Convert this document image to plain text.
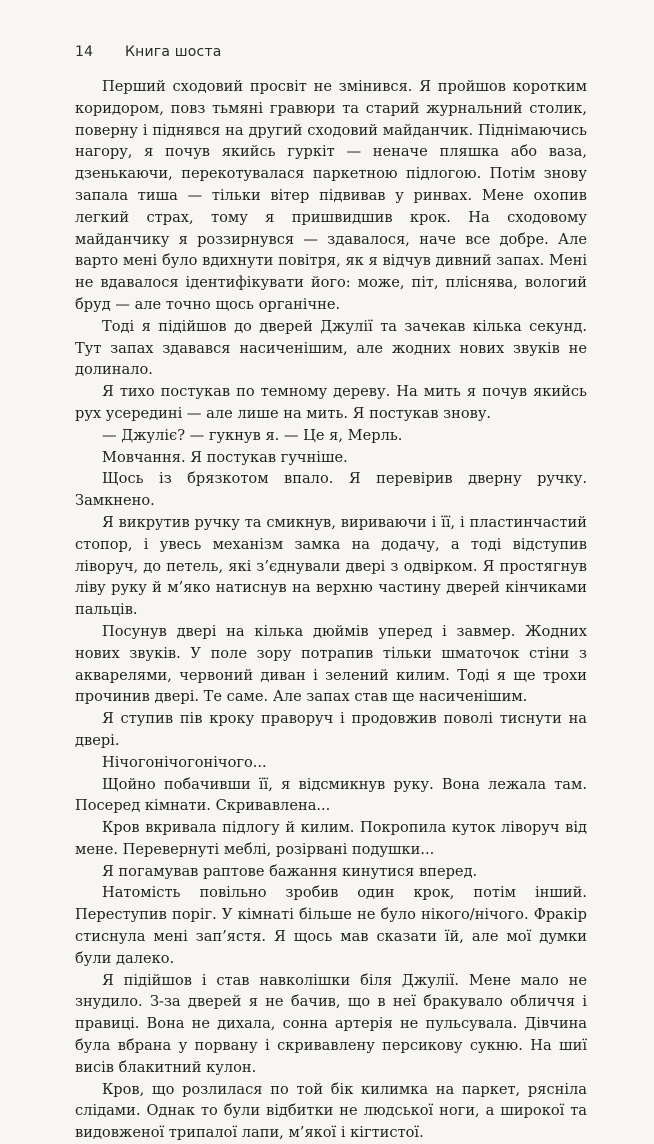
14 Книга шоста

Перший сходовий просвіт не змінився. Я пройшов коротким коридором, повз тьмяні гравюри та старий журнальний столик, поверну і піднявся на другий сходовий майданчик. Піднімаючись нагору, я почув якийсь гуркіт — неначе пляшка або ваза, дзенькаючи, перекотувалася паркетною підлогою. Потім знову запала тиша — тільки вітер підвивав у ринвах. Мене охопив легкий страх, тому я пришвидшив крок. На сходовому майданчику я роззирнувся — здавалося, наче все добре. Але варто мені було вдихнути повітря, як я відчув дивний запах. Мені не вдавалося ідентифікувати його: може, піт, пліснява, вологий бруд — але точно щось органічне.

Тоді я підійшов до дверей Джулії та зачекав кілька секунд. Тут запах здавався насиченішим, але жодних нових звуків не долинало.

Я тихо постукав по темному дереву. На мить я почув якийсь рух усередині — але лише на мить. Я постукав знову.

— Джуліє? — гукнув я. — Це я, Мерль.

Мовчання. Я постукав гучніше.

Щось із брязкотом впало. Я перевірив дверну ручку. Замкнено.

Я викрутив ручку та смикнув, вириваючи і її, і пластинчастий стопор, і увесь механізм замка на додачу, а тоді відступив ліворуч, до петель, які з’єднували двері з одвірком. Я простягнув ліву руку й м’яко натиснув на верхню частину дверей кінчиками пальців.

Посунув двері на кілька дюймів уперед і завмер. Жодних нових звуків. У поле зору потрапив тільки шматочок стіни з акварелями, червоний диван і зелений килим. Тоді я ще трохи прочинив двері. Те саме. Але запах став ще насиченішим.

Я ступив пів кроку праворуч і продовжив поволі тиснути на двері.

Нічогонічогонічого...

Щойно побачивши її, я відсмикнув руку. Вона лежала там. Посеред кімнати. Скривавлена...

Кров вкривала підлогу й килим. Покропила куток ліворуч від мене. Перевернуті меблі, розірвані подушки...

Я погамував раптове бажання кинутися вперед.

Натомість повільно зробив один крок, потім інший. Переступив поріг. У кімнаті більше не було нікого/нічого. Фракір стиснула мені зап’ястя. Я щось мав сказати їй, але мої думки були далеко.

Я підійшов і став навколішки біля Джулії. Мене мало не знудило. З-за дверей я не бачив, що в неї бракувало обличчя і правиці. Вона не дихала, сонна артерія не пульсувала. Дівчина була вбрана у порвану і скривавлену персикову сукню. На шиї висів блакитний кулон.

Кров, що розлилася по той бік килимка на паркет, рясніла слідами. Однак то були відбитки не людської ноги, а широкої та видовженої трипалої лапи, м’якої і кігтистої.
